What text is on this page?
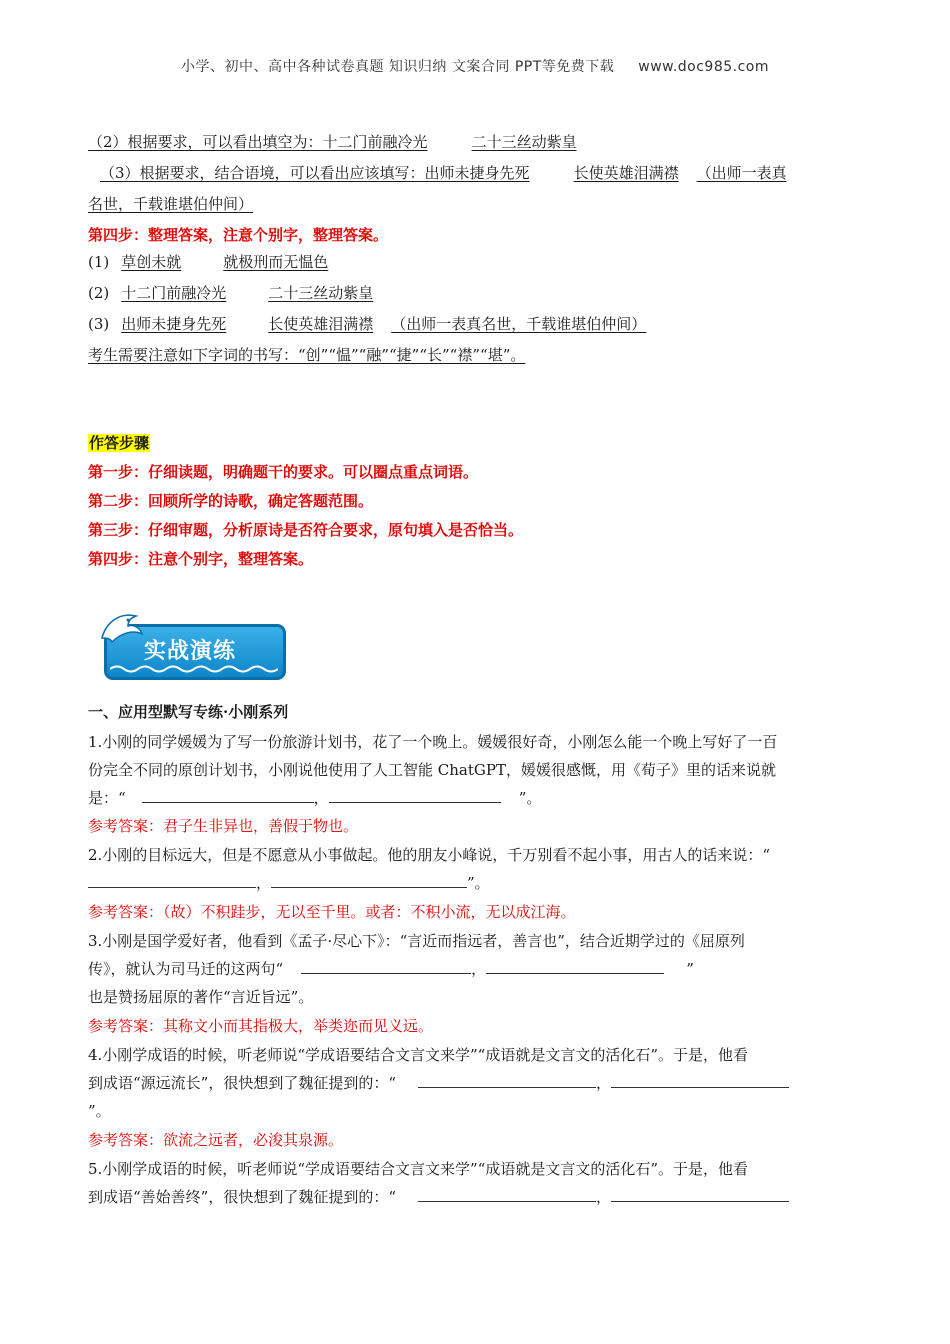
小学、初中、高中各种试卷真题 知识归纳 文案合同 PPT等免费下载 www.doc985.com
（2）根据要求，可以看出填空为：十二门前融冷光	二十三丝动紫皇
（3）根据要求，结合语境，可以看出应该填写：出师未捷身先死	长使英雄泪满襟 （出师一表真
名世，千载谁堪伯仲间）
第四步：整理答案，注意个别字，整理答案。
(1) 草创未就	就极刑而无愠色
(2) 十二门前融冷光	二十三丝动紫皇
(3) 出师未捷身先死	长使英雄泪满襟 （出师一表真名世，千载谁堪伯仲间）
考生需要注意如下字词的书写：“创”“愠”“融”“捷”“长”“襟”“堪”。
作答步骤
第一步：仔细读题，明确题干的要求。可以圈点重点词语。
第二步：回顾所学的诗歌，确定答题范围。
第三步：仔细审题，分析原诗是否符合要求，原句填入是否恰当。
第四步：注意个别字，整理答案。
实战演练
一、应用型默写专练·小刚系列
1.小刚的同学媛媛为了写一份旅游计划书，花了一个晚上。媛媛很好奇，小刚怎么能一个晚上写好了一百
份完全不同的原创计划书，小刚说他使用了人工智能 ChatGPT，媛媛很感慨，用《荀子》里的话来说就
是：“	，	”。
参考答案：君子生非异也，善假于物也。
2.小刚的目标远大，但是不愿意从小事做起。他的朋友小峰说，千万别看不起小事，用古人的话来说：“
，	”。
参考答案：（故）不积跬步，无以至千里。或者：不积小流，无以成江海。
3.小刚是国学爱好者，他看到《孟子·尽心下》：“言近而指远者，善言也”，结合近期学过的《屈原列
传》，就认为司马迁的这两句“	，	”
也是赞扬屈原的著作“言近旨远”。
参考答案：其称文小而其指极大，举类迩而见义远。
4.小刚学成语的时候，听老师说“学成语要结合文言文来学”“成语就是文言文的活化石”。于是，他看
到成语“源远流长”，很快想到了魏征提到的：“	，
”。
参考答案：欲流之远者，必浚其泉源。
5.小刚学成语的时候，听老师说“学成语要结合文言文来学”“成语就是文言文的活化石”。于是，他看
到成语“善始善终”，很快想到了魏征提到的：“	，
